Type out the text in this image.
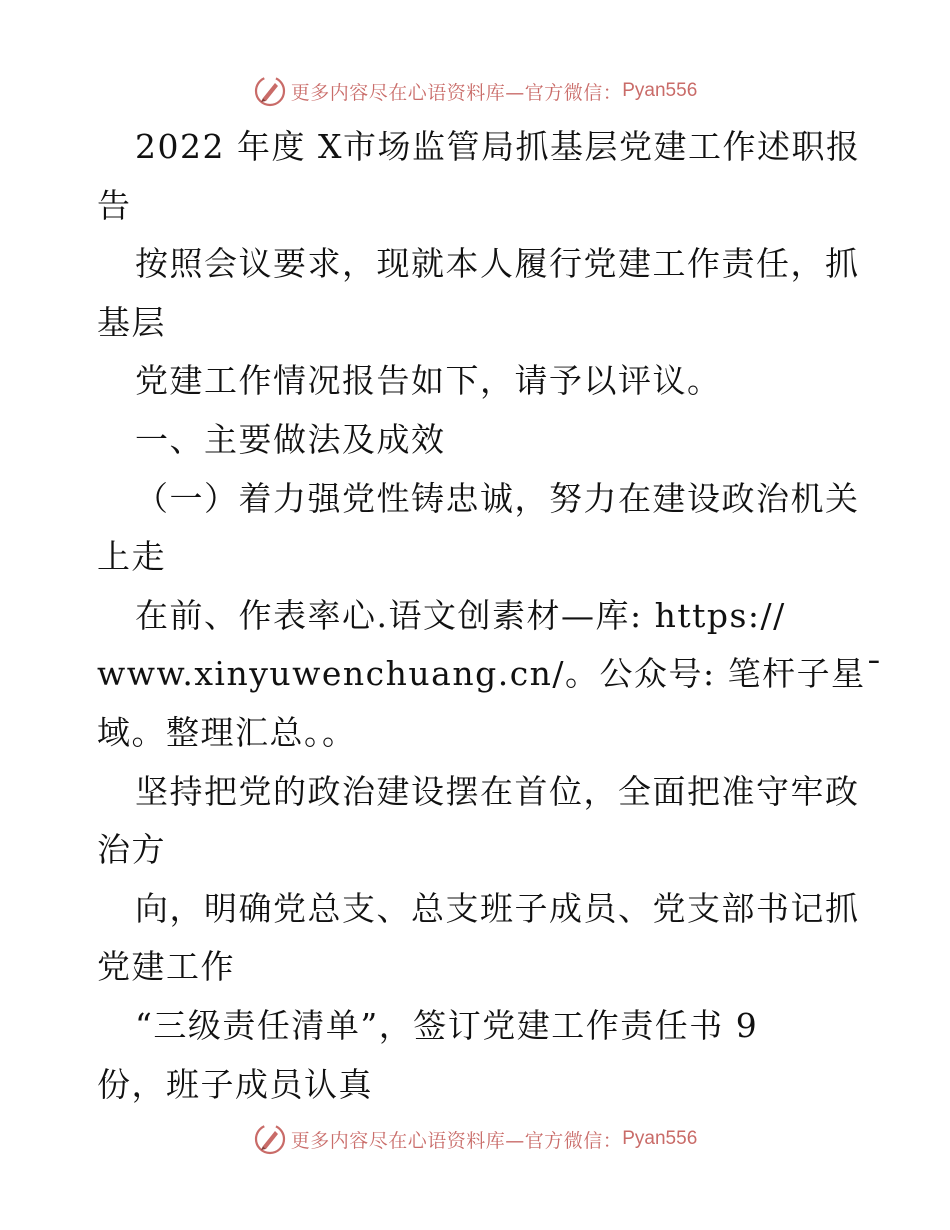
更多内容尽在心语资料库—官方微信： Pyan556
2022 年度 X市场监管局抓基层党建工作述职报
告
按照会议要求，现就本人履行党建工作责任，抓
基层
党建工作情况报告如下，请予以评议。
一、主要做法及成效
（一）着力强党性铸忠诚，努力在建设政治机关
上走
在前、作表率心.语文创素材—库: https://
www.xinyuwenchuang.cn/。公众号: 笔杆子星¯
域。整理汇总。。
坚持把党的政治建设摆在首位，全面把准守牢政
治方
向，明确党总支、总支班子成员、党支部书记抓
党建工作
“三级责任清单”，签订党建工作责任书 9
份，班子成员认真
更多内容尽在心语资料库—官方微信： Pyan556
